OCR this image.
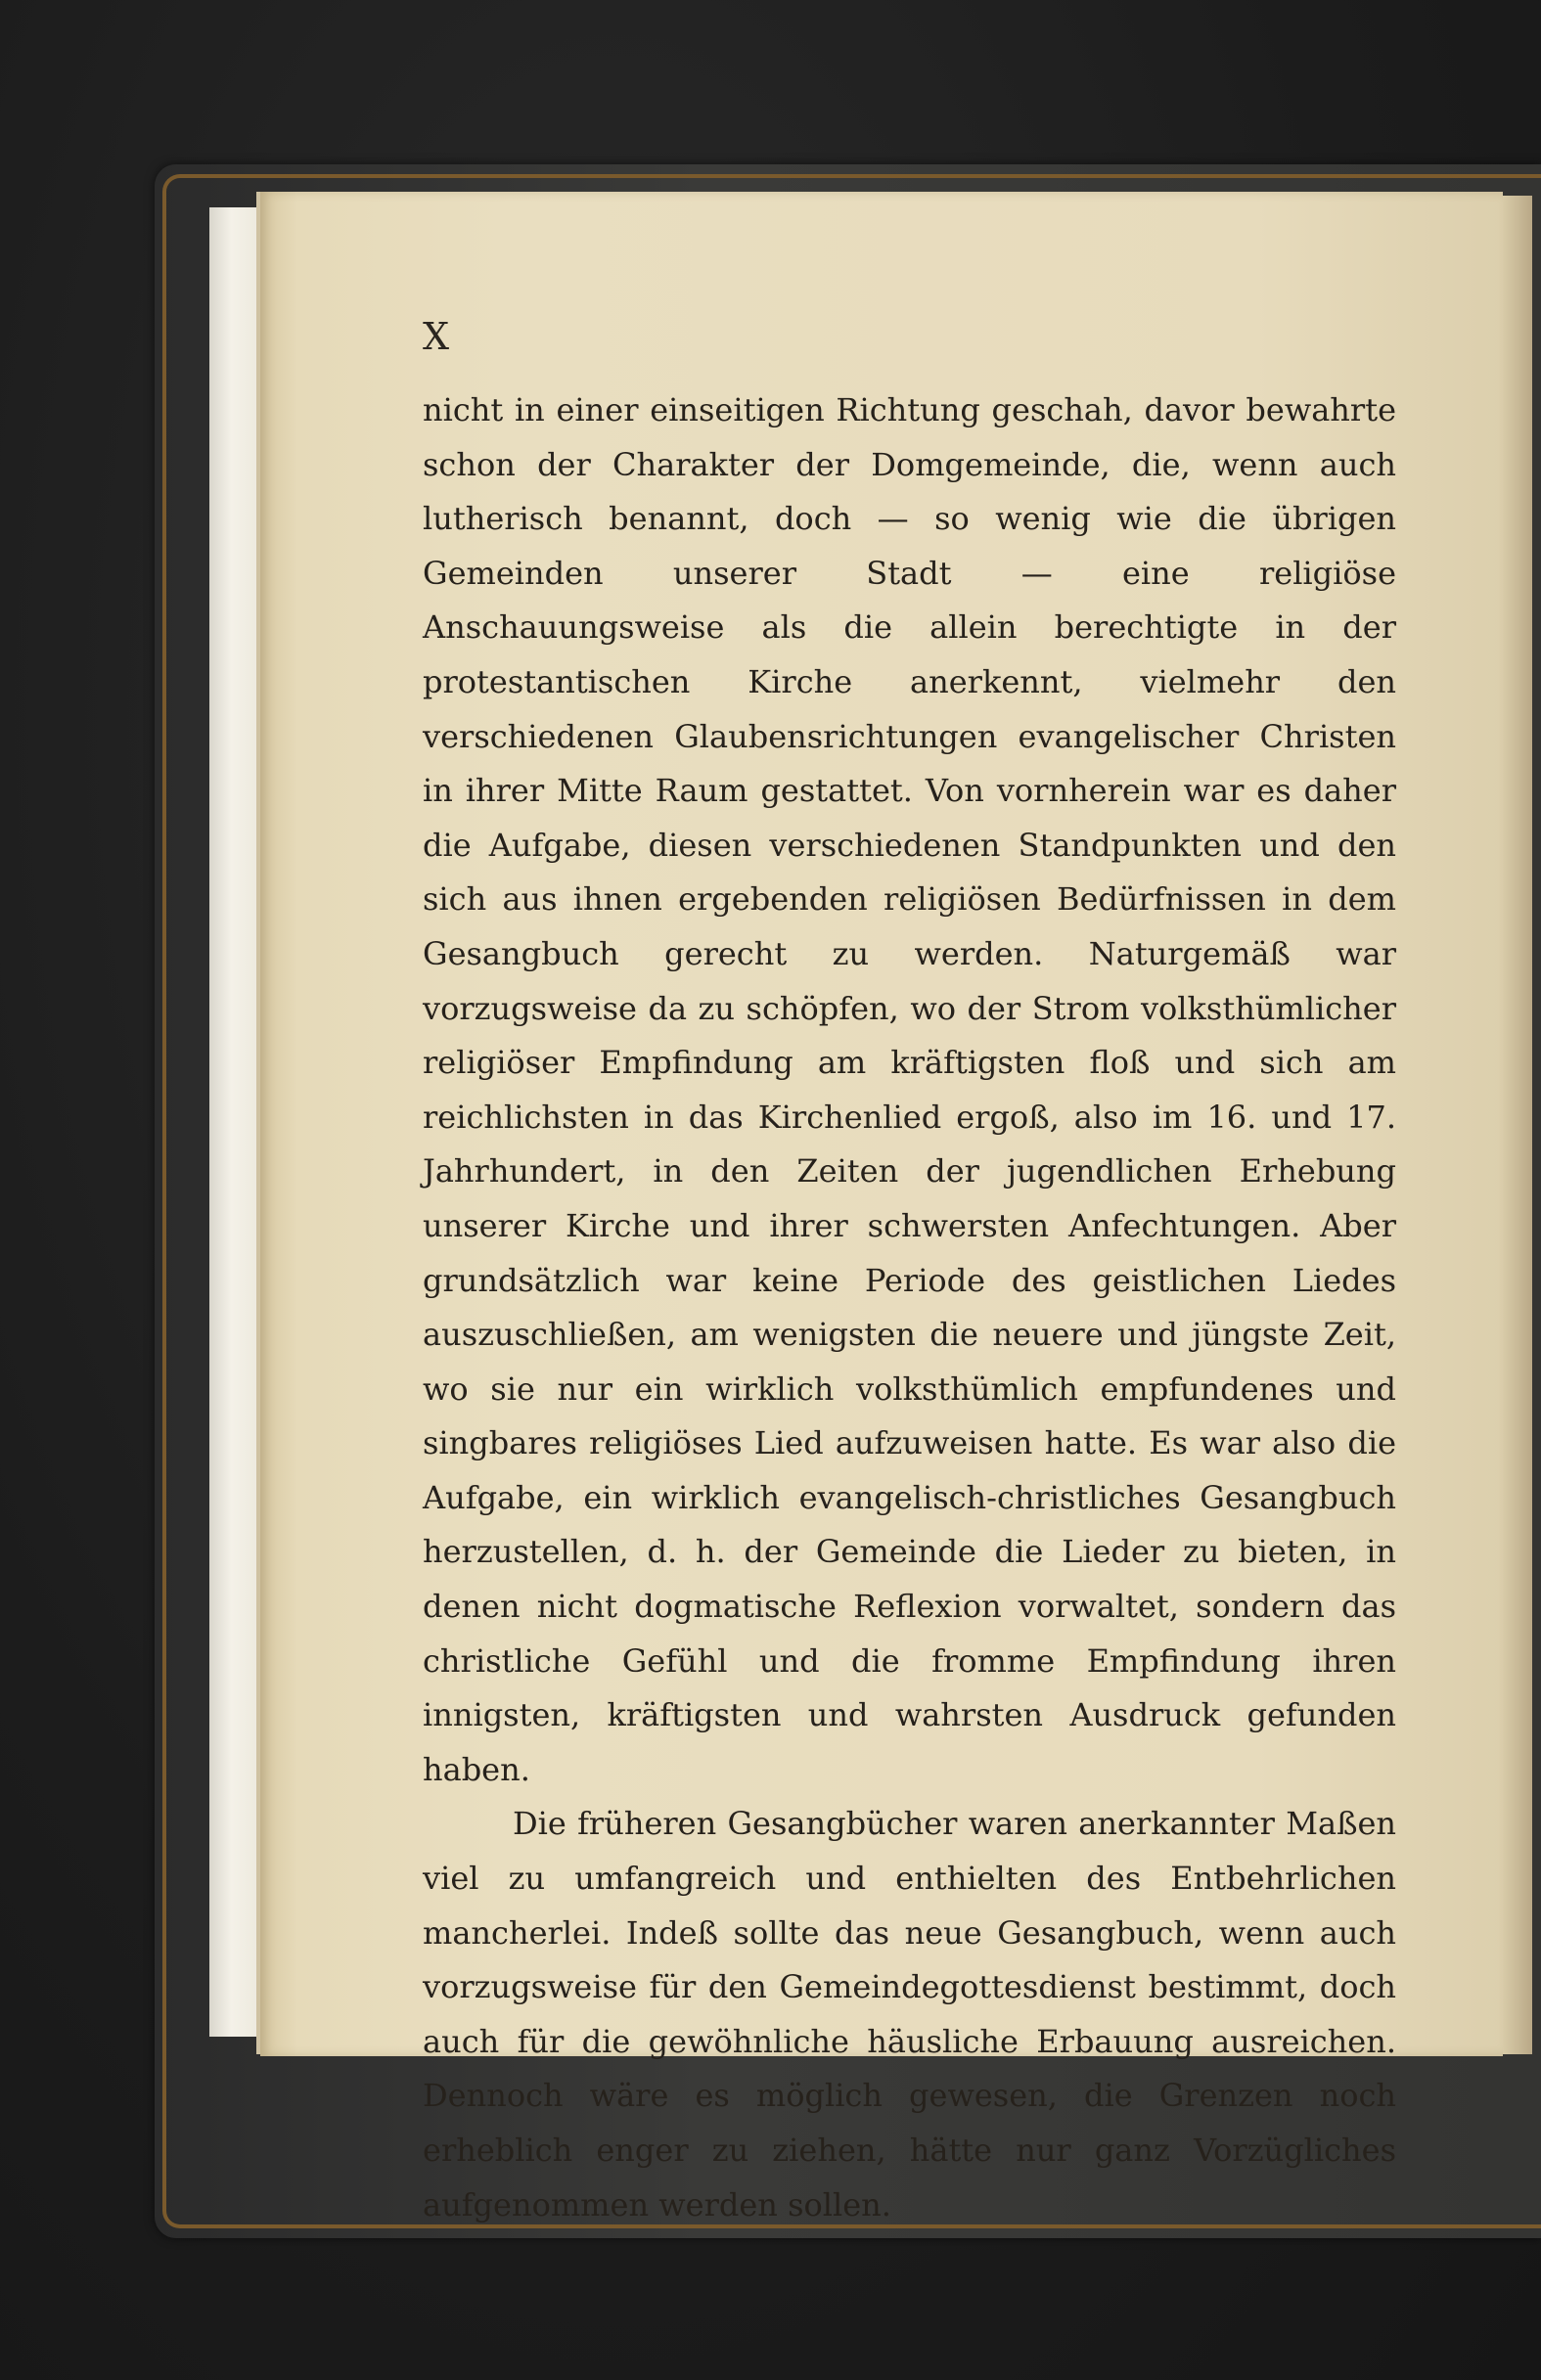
X

nicht in einer einseitigen Richtung geschah, davor bewahrte schon der Charakter der Domgemeinde, die, wenn auch lutherisch benannt, doch — so wenig wie die übrigen Gemeinden unserer Stadt — eine religiöse Anschauungsweise als die allein berechtigte in der protestantischen Kirche anerkennt, vielmehr den verschiedenen Glaubensrichtungen evangelischer Christen in ihrer Mitte Raum gestattet. Von vornherein war es daher die Aufgabe, diesen verschiedenen Standpunkten und den sich aus ihnen ergebenden religiösen Bedürfnissen in dem Gesangbuch gerecht zu werden. Naturgemäß war vorzugsweise da zu schöpfen, wo der Strom volksthümlicher religiöser Empfindung am kräftigsten floß und sich am reichlichsten in das Kirchenlied ergoß, also im 16. und 17. Jahrhundert, in den Zeiten der jugendlichen Erhebung unserer Kirche und ihrer schwersten Anfechtungen. Aber grundsätzlich war keine Periode des geistlichen Liedes auszuschließen, am wenigsten die neuere und jüngste Zeit, wo sie nur ein wirklich volksthümlich empfundenes und singbares religiöses Lied aufzuweisen hatte. Es war also die Aufgabe, ein wirklich evangelisch-christliches Gesangbuch herzustellen, d. h. der Gemeinde die Lieder zu bieten, in denen nicht dogmatische Reflexion vorwaltet, sondern das christliche Gefühl und die fromme Empfindung ihren innigsten, kräftigsten und wahrsten Ausdruck gefunden haben.

Die früheren Gesangbücher waren anerkannter Maßen viel zu umfangreich und enthielten des Entbehrlichen mancherlei. Indeß sollte das neue Gesangbuch, wenn auch vorzugsweise für den Gemeindegottesdienst bestimmt, doch auch für die gewöhnliche häusliche Erbauung ausreichen. Dennoch wäre es möglich gewesen, die Grenzen noch erheblich enger zu ziehen, hätte nur ganz Vorzügliches aufgenommen werden sollen.
